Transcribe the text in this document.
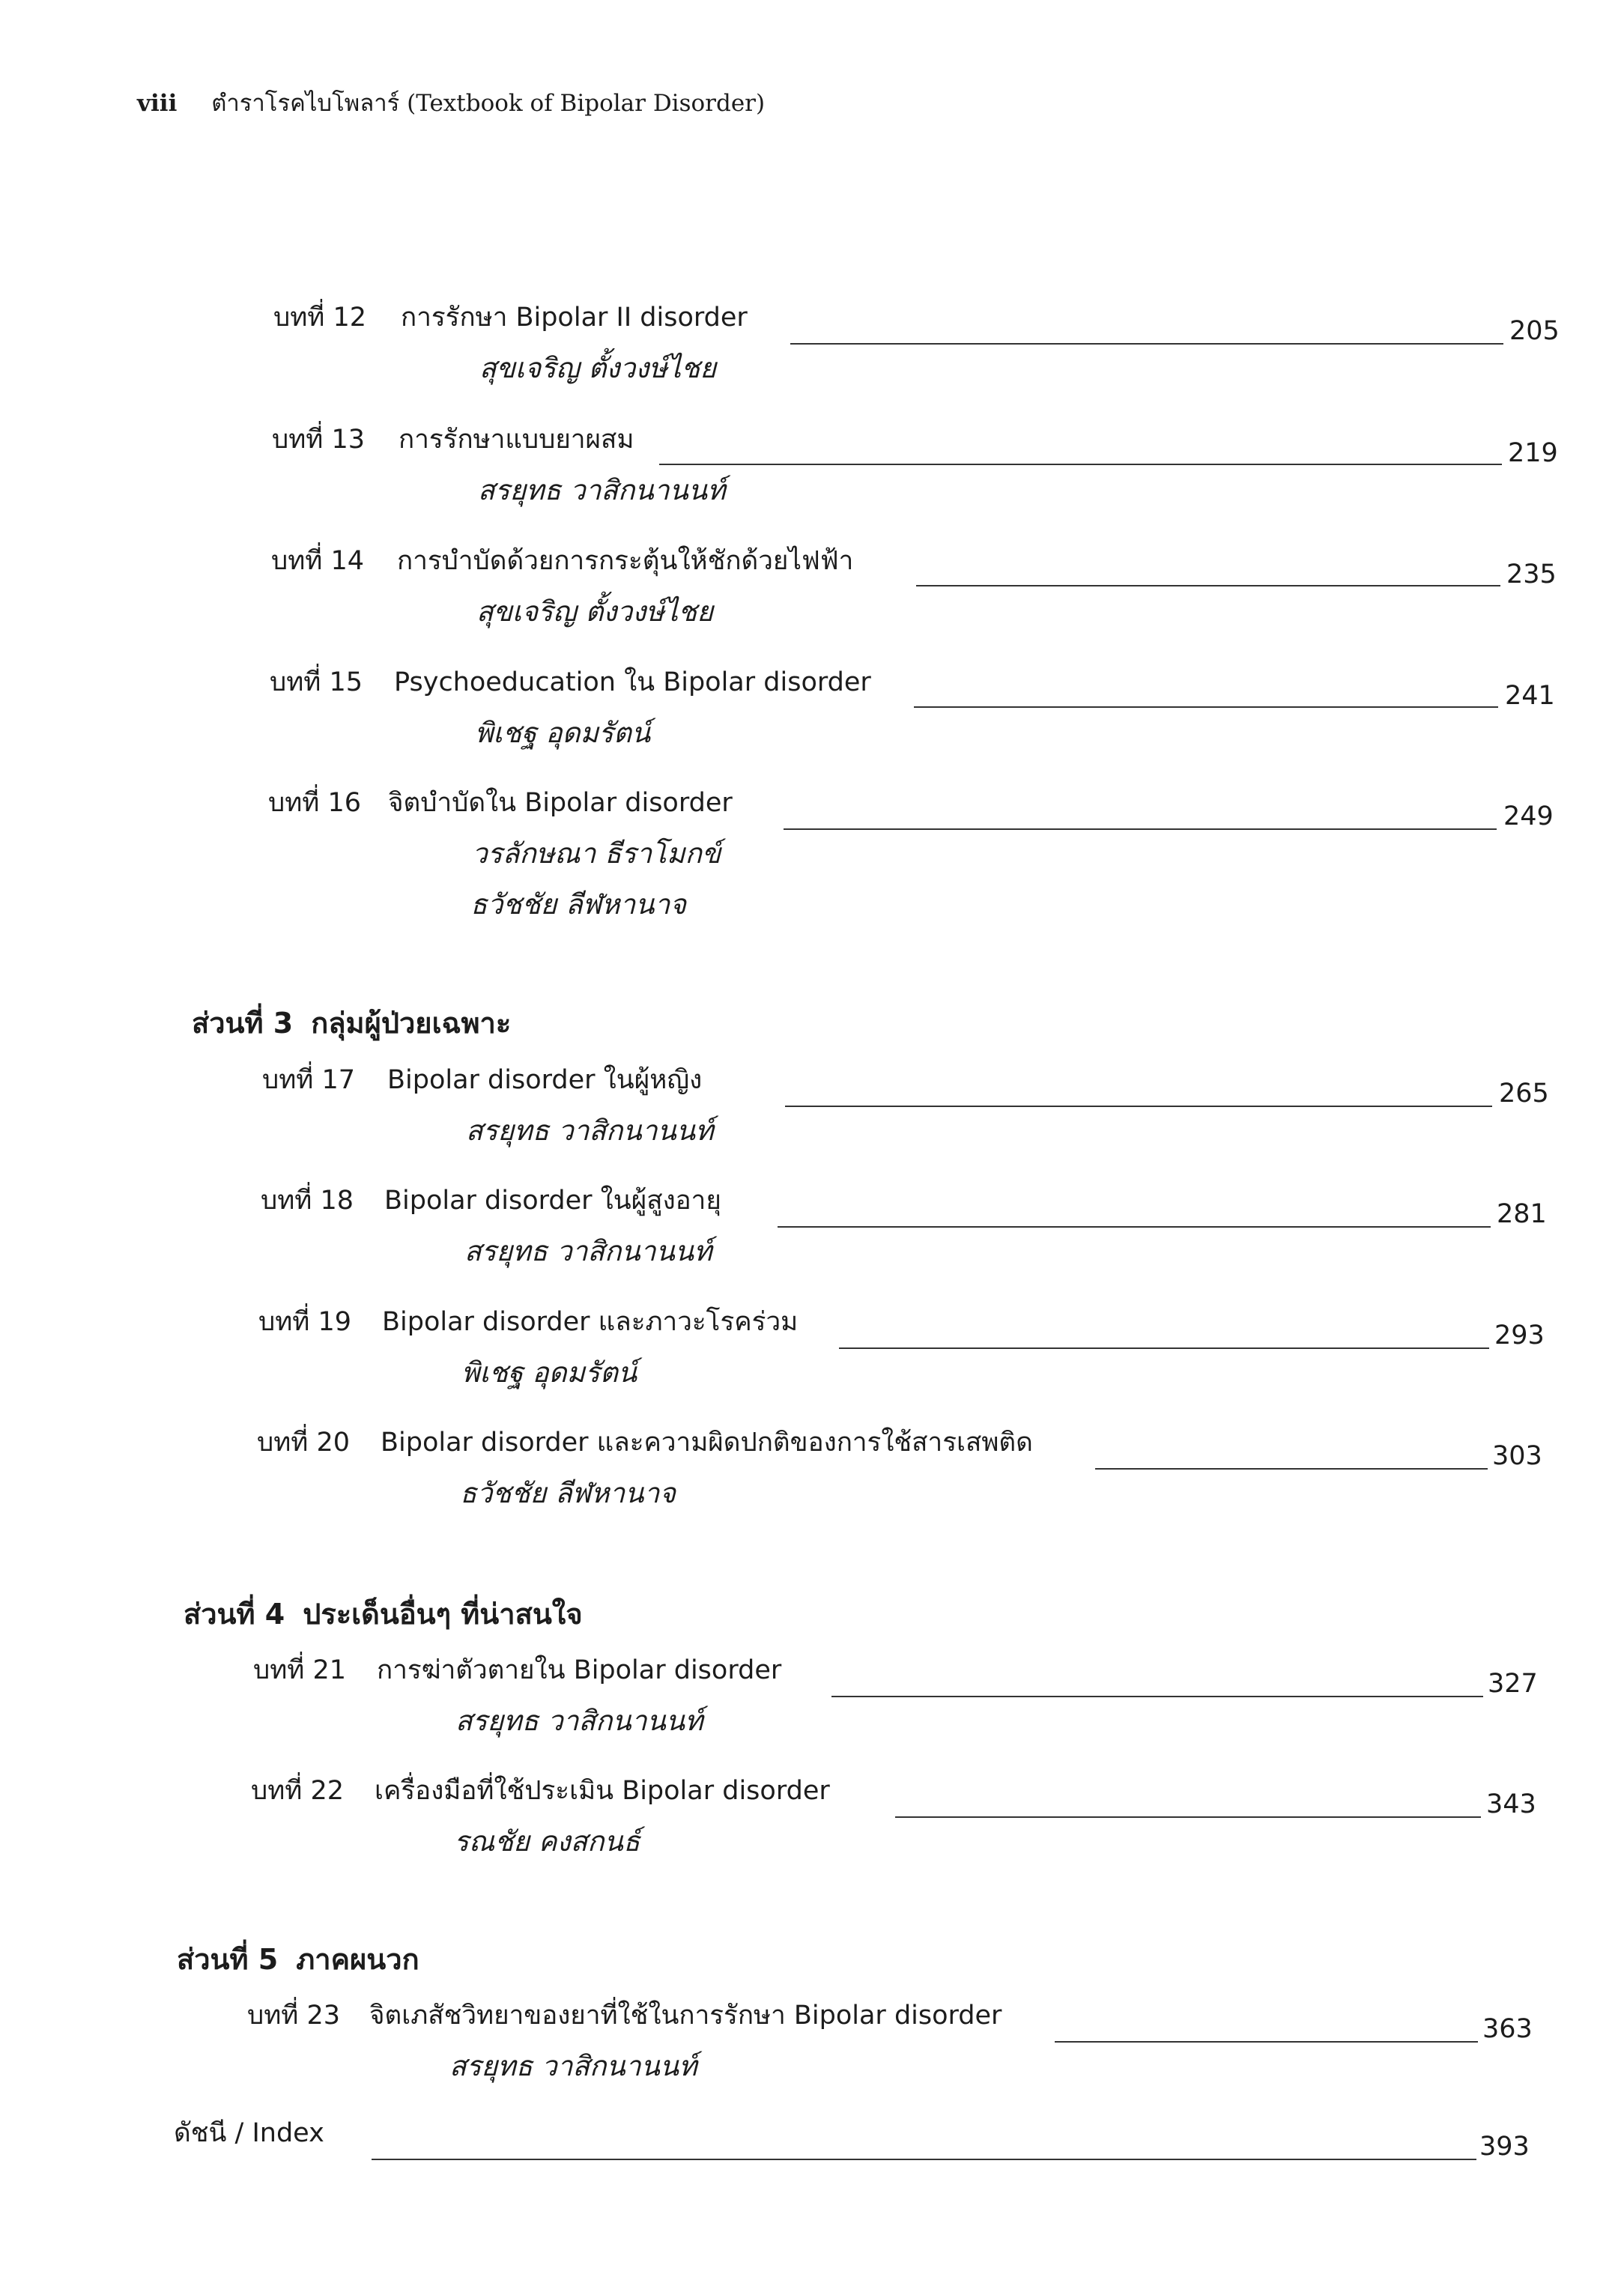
viii ตำราโรคไบโพลาร์ (Textbook of Bipolar Disorder)
บทที่ 12 การรักษา Bipolar II disorder	205
สุขเจริญ ตั้งวงษ์ไชย
บทที่ 13 การรักษาแบบยาผสม	219
สรยุทธ วาสิกนานนท์
บทที่ 14 การบำบัดด้วยการกระตุ้นให้ชักด้วยไฟฟ้า	235
สุขเจริญ ตั้งวงษ์ไชย
บทที่ 15 Psychoeducation ใน Bipolar disorder	241
พิเชฐ อุดมรัตน์
บทที่ 16 จิตบำบัดใน Bipolar disorder	249
วรลักษณา ธีราโมกข์
ธวัชชัย ลีฬหานาจ
ส่วนที่ 3 กลุ่มผู้ป่วยเฉพาะ
บทที่ 17 Bipolar disorder ในผู้หญิง	265
สรยุทธ วาสิกนานนท์
บทที่ 18 Bipolar disorder ในผู้สูงอายุ	281
สรยุทธ วาสิกนานนท์
บทที่ 19 Bipolar disorder และภาวะโรคร่วม	293
พิเชฐ อุดมรัตน์
บทที่ 20 Bipolar disorder และความผิดปกติของการใช้สารเสพติด	303
ธวัชชัย ลีฬหานาจ
ส่วนที่ 4 ประเด็นอื่นๆ ที่น่าสนใจ
บทที่ 21 การฆ่าตัวตายใน Bipolar disorder	327
สรยุทธ วาสิกนานนท์
บทที่ 22 เครื่องมือที่ใช้ประเมิน Bipolar disorder	343
รณชัย คงสกนธ์
ส่วนที่ 5 ภาคผนวก
บทที่ 23 จิตเภสัชวิทยาของยาที่ใช้ในการรักษา Bipolar disorder	363
สรยุทธ วาสิกนานนท์
ดัชนี / Index	393
